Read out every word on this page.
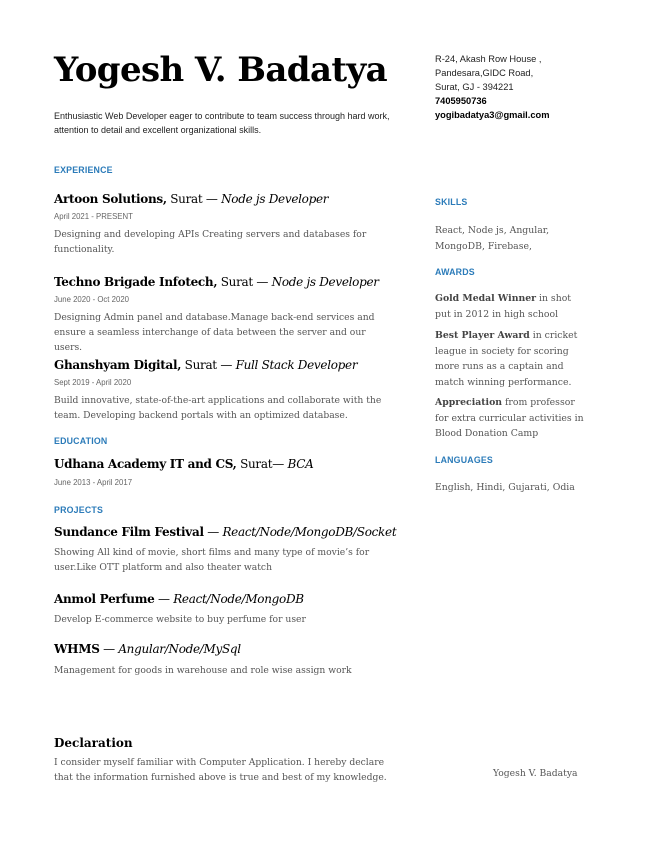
Yogesh V. Badatya
Enthusiastic Web Developer eager to contribute to team success through hard work, attention to detail and excellent organizational skills.
R-24, Akash Row House ,
Pandesara,GIDC Road,
Surat, GJ - 394221
7405950736
yogibadatya3@gmail.com
EXPERIENCE
Artoon Solutions, Surat — Node js Developer
April 2021 - PRESENT
Designing and developing APIs Creating servers and databases for functionality.
Techno Brigade Infotech, Surat — Node js Developer
June 2020 - Oct 2020
Designing Admin panel and database.Manage back-end services and ensure a seamless interchange of data between the server and our users.
Ghanshyam Digital, Surat — Full Stack Developer
Sept 2019 - April 2020
Build innovative, state-of-the-art applications and collaborate with the team. Developing backend portals with an optimized database.
EDUCATION
Udhana Academy IT and CS, Surat— BCA
June 2013 - April 2017
PROJECTS
Sundance Film Festival — React/Node/MongoDB/Socket
Showing All kind of movie, short films and many type of movie’s for user.Like OTT platform and also theater watch
Anmol Perfume — React/Node/MongoDB
Develop E-commerce website to buy perfume for user
WHMS — Angular/Node/MySql
Management for goods in warehouse and role wise assign work
SKILLS
React, Node js, Angular, MongoDB, Firebase,
AWARDS
Gold Medal Winner in shot put in 2012 in high school
Best Player Award in cricket league in society for scoring more runs as a captain and match winning performance.
Appreciation from professor for extra curricular activities in Blood Donation Camp
LANGUAGES
English, Hindi, Gujarati, Odia
Declaration
I consider myself familiar with Computer Application. I hereby declare that the information furnished above is true and best of my knowledge.	Yogesh V. Badatya
